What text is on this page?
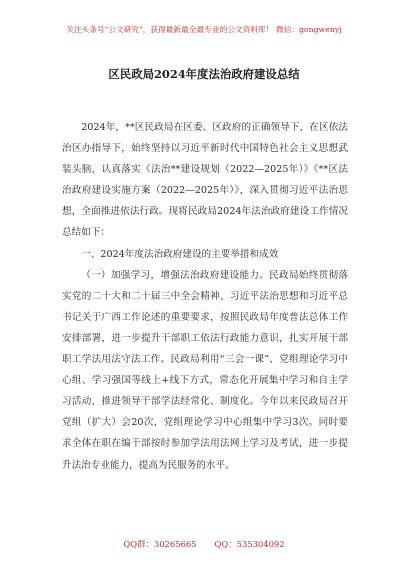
关注头条号"公文研究"，获得最新最全最专业的公文资料库！ 微信：gongwenyj
区民政局2024年度法治政府建设总结

2024年，**区民政局在区委、区政府的正确领导下，在区依法治区办指导下，始终坚持以习近平新时代中国特色社会主义思想武装头脑，认真落实《法治**建设规划（2022—2025年）》《**区法治政府建设实施方案（2022—2025年）》，深入贯彻习近平法治思想，全面推进依法行政。现将民政局2024年法治政府建设工作情况总结如下：

一、2024年度法治政府建设的主要举措和成效

（一）加强学习，增强法治政府建设能力。民政局始终贯彻落实党的二十大和二十届三中全会精神、习近平法治思想和习近平总书记关于广西工作论述的重要要求，按照民政局年度普法总体工作安排部署，进一步提升干部职工依法行政能力意识，扎实开展干部职工学法用法守法工作。民政局利用“三会一课”、党组理论学习中心组、学习强国等线上+线下方式，常态化开展集中学习和自主学习活动，推进领导干部学法经常化、制度化。今年以来民政局召开党组（扩大）会20次，党组理论学习中心组集中学习3次。同时要求全体在职在编干部按时参加学法用法网上学习及考试，进一步提升法治专业能力，提高为民服务的水平。

QQ群：30265665 QQ：535304092
